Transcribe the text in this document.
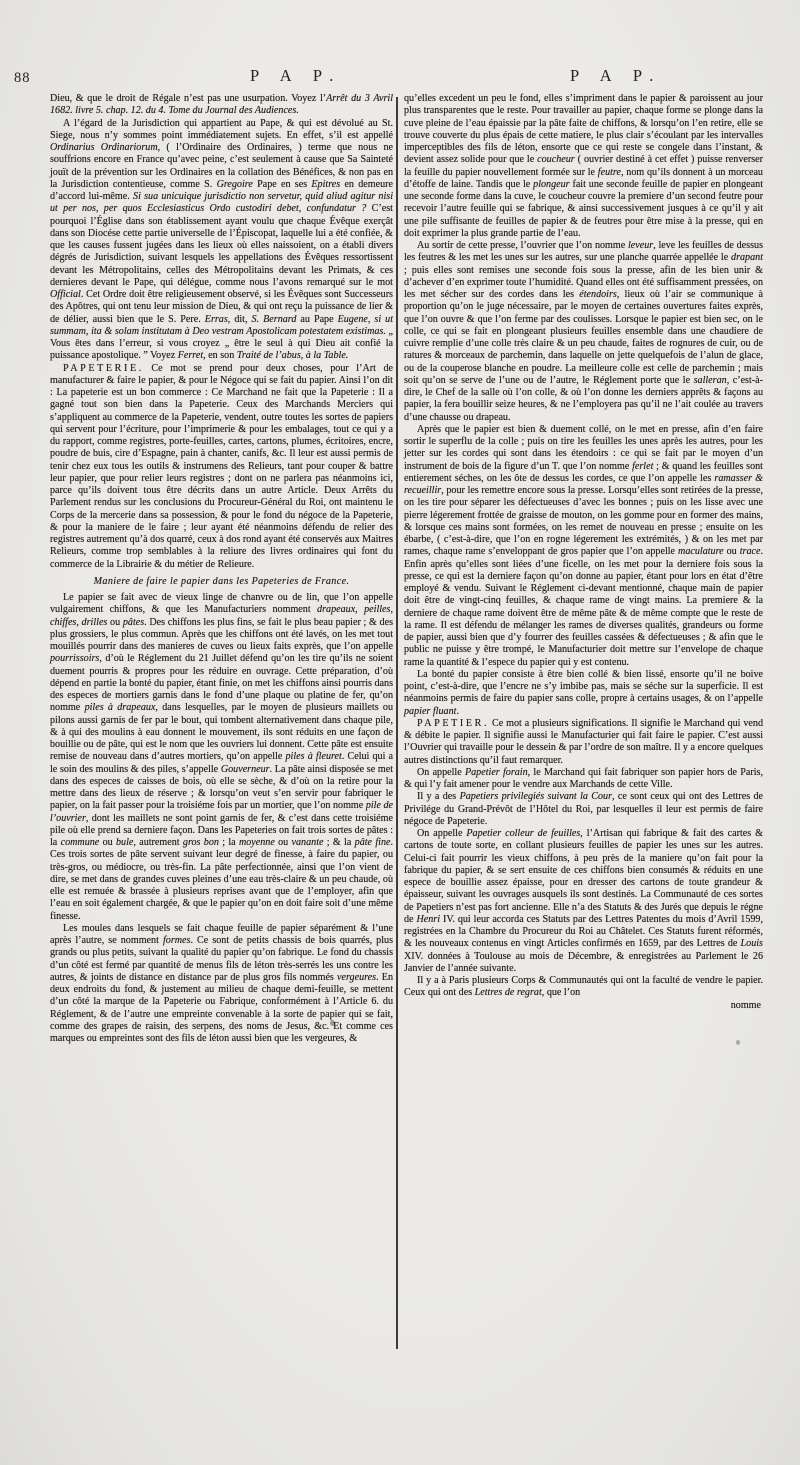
88	P A P.	P A P.

Dieu, & que le droit de Régale n’est pas une usurpation. Voyez l’Arrêt du 3 Avril 1682. livre 5. chap. 12. du 4. Tome du Journal des Audiences.

A l’égard de la Jurisdiction qui appartient au Pape, & qui est dévolué au St. Siege, nous n’y sommes point immédiatement sujets. En effet, s’il est appellé Ordinarius Ordinariorum, ( l’Ordinaire des Ordinaires, ) terme que nous ne souffrions encore en France qu’avec peine, c’est seulement à cause que Sa Sainteté jouït de la prévention sur les Ordinaires en la collation des Bénéfices, & non pas en la Jurisdiction contentieuse, comme S. Gregoire Pape en ses Epitres en demeure d’accord lui-même. Si sua unicuique jurisdictio non servetur, quid aliud agitur nisi ut per nos, per quos Ecclesiasticus Ordo custodiri debet, confundatur ? C’est pourquoi l’Église dans son établissement ayant voulu que chaque Évêque exerçât dans son Diocése cette partie universelle de l’Épiscopat, laquelle lui a été confiée, & que les causes fussent jugées dans les lieux où elles naissoient, on a établi divers dégrés de Jurisdiction, suivant lesquels les appellations des Évêques ressortissent devant les Métropolitains, celles des Métropolitains devant les Primats, & ces dernieres devant le Pape, qui délégue, comme nous l’avons remarqué sur le mot Official. Cet Ordre doit être religieusement observé, si les Évêques sont Successeurs des Apôtres, qui ont tenu leur mission de Dieu, & qui ont reçu la puissance de lier & de délier, aussi bien que le S. Pere. Erras, dit, S. Bernard au Pape Eugene, si ut summam, ita & solam institutam à Deo vestram Apostolicam potestatem existimas. „ Vous êtes dans l’erreur, si vous croyez „ être le seul à qui Dieu ait confié la puissance apostolique. ” Voyez Ferret, en son Traité de l’abus, à la Table.

PAPETERIE. Ce mot se prend pour deux choses, pour l’Art de manufacturer & faire le papier, & pour le Négoce qui se fait du papier. Ainsi l’on dit : La papeterie est un bon commerce : Ce Marchand ne fait que la Papeterie : Il a gagné tout son bien dans la Papeterie. Ceux des Marchands Merciers qui s’appliquent au commerce de la Papeterie, vendent, outre toutes les sortes de papiers qui servent pour l’écriture, pour l’imprimerie & pour les embalages, tout ce qui y a du rapport, comme registres, porte-feuilles, cartes, cartons, plumes, écritoires, encre, poudre de buis, cire d’Espagne, pain à chanter, canifs, &c. Il leur est aussi permis de tenir chez eux tous les outils & instrumens des Relieurs, tant pour couper & battre leur papier, que pour relier leurs registres ; dont on ne parlera pas néanmoins ici, parce qu’ils doivent tous être décrits dans un autre Article. Deux Arrêts du Parlement rendus sur les conclusions du Procureur-Général du Roi, ont maintenu le Corps de la mercerie dans sa possession, & pour le fond du négoce de la Papeterie, & pour la maniere de le faire ; leur ayant été néanmoins défendu de relier des registres autrement qu’à dos quarré, ceux à dos rond ayant été conservés aux Maitres Relieurs, comme trop semblables à la reliure des livres ordinaires qui font du commerce de la Librairie & du métier de Relieure.

Maniere de faire le papier dans les Papeteries de France.

Le papier se fait avec de vieux linge de chanvre ou de lin, que l’on appelle vulgairement chiffons, & que les Manufacturiers nomment drapeaux, peilles, chiffes, drilles ou pâtes. Des chiffons les plus fins, se fait le plus beau papier ; & des plus grossiers, le plus commun. Après que les chiffons ont été lavés, on les met tout mouillés pourrir dans des manieres de cuves ou lieux faits exprès, que l’on appelle pourrissoirs, d’où le Réglement du 21 Juillet défend qu’on les tire qu’ils ne soient duement pourris & propres pour les réduire en ouvrage. Cette préparation, d’où dépend en partie la bonté du papier, étant finie, on met les chiffons ainsi pourris dans des especes de mortiers garnis dans le fond d’une plaque ou platine de fer, qu’on nomme piles à drapeaux, dans lesquelles, par le moyen de plusieurs maillets ou pilons aussi garnis de fer par le bout, qui tombent alternativement dans chaque pile, & à qui des moulins à eau donnent le mouvement, ils sont réduits en une façon de bouillie ou de pâte, qui est le nom que les ouvriers lui donnent. Cette pâte est ensuite remise de nouveau dans d’autres mortiers, qu’on appelle piles à fleuret. Celui qui a le soin des moulins & des piles, s’appelle Gouverneur. La pâte ainsi disposée se met dans des especes de caisses de bois, où elle se sèche, & d’où on la retire pour la mettre dans des lieux de réserve ; & lorsqu’on veut s’en servir pour fabriquer le papier, on la fait passer pour la troisiéme fois par un mortier, que l’on nomme pile de l’ouvrier, dont les maillets ne sont point garnis de fer, & c’est dans cette troisiéme pile où elle prend sa derniere façon. Dans les Papeteries on fait trois sortes de pâtes : la commune ou bule, autrement gros bon ; la moyenne ou vanante ; & la pâte fine. Ces trois sortes de pâte servent suivant leur degré de finesse, à faire du papier, ou très-gros, ou médiocre, ou très-fin. La pâte perfectionnée, ainsi que l’on vient de dire, se met dans de grandes cuves pleines d’une eau très-claire & un peu chaude, où elle est remuée & brassée à plusieurs reprises avant que de l’employer, afin que l’eau en soit également chargée, & que le papier qu’on en doit faire soit d’une même finesse.

Les moules dans lesquels se fait chaque feuille de papier séparément & l’une après l’autre, se nomment formes. Ce sont de petits chassis de bois quarrés, plus grands ou plus petits, suivant la qualité du papier qu’on fabrique. Le fond du chassis d’un côté est fermé par quantité de menus fils de léton très-serrés les uns contre les autres, & joints de distance en distance par de plus gros fils nommés vergeures. En deux endroits du fond, & justement au milieu de chaque demi-feuille, se mettent d’un côté la marque de la Papeterie ou Fabrique, conformément à l’Article 6. du Réglement, & de l’autre une empreinte convenable à la sorte de papier qui se fait, comme des grapes de raisin, des serpens, des noms de Jesus, &c. Et comme ces marques ou empreintes sont des fils de léton aussi bien que les vergeures, &

qu’elles excedent un peu le fond, elles s’impriment dans le papier & paroissent au jour plus transparentes que le reste. Pour travailler au papier, chaque forme se plonge dans la cuve pleine de l’eau épaissie par la pâte faite de chiffons, & lorsqu’on l’en retire, elle se trouve couverte du plus épais de cette matiere, le plus clair s’écoulant par les intervalles imperceptibles des fils de léton, ensorte que ce qui reste se congele dans l’instant, & devient assez solide pour que le coucheur ( ouvrier destiné à cet effet ) puisse renverser la feuille du papier nouvellement formée sur le feutre, nom qu’ils donnent à un morceau d’étoffe de laine. Tandis que le plongeur fait une seconde feuille de papier en plongeant une seconde forme dans la cuve, le coucheur couvre la premiere d’un second feutre pour recevoir l’autre feuille qui se fabrique, & ainsi successivement jusques à ce qu’il y ait une pile suffisante de feuilles de papier & de feutres pour être mise à la presse, qui en doit exprimer la plus grande partie de l’eau.

Au sortir de cette presse, l’ouvrier que l’on nomme leveur, leve les feuilles de dessus les feutres & les met les unes sur les autres, sur une planche quarrée appellée le drapant ; puis elles sont remises une seconde fois sous la presse, afin de les bien unir & d’achever d’en exprimer toute l’humidité. Quand elles ont été suffisamment pressées, on les met sécher sur des cordes dans les étendoirs, lieux où l’air se communique à proportion qu’on le juge nécessaire, par le moyen de certaines ouvertures faites exprès, que l’on ouvre & que l’on ferme par des coulisses. Lorsque le papier est bien sec, on le colle, ce qui se fait en plongeant plusieurs feuilles ensemble dans une chaudiere de cuivre remplie d’une colle très claire & un peu chaude, faites de rognures de cuir, ou de ratures & morceaux de parchemin, dans laquelle on jette quelquefois de l’alun de glace, ou de la couperose blanche en poudre. La meilleure colle est celle de parchemin ; mais soit qu’on se serve de l’une ou de l’autre, le Réglement porte que le salleran, c’est-à-dire, le Chef de la salle où l’on colle, & où l’on donne les derniers apprêts & façons au papier, la fera bouillir seize heures, & ne l’employera pas qu’il ne l’ait coulée au travers d’une chausse ou drapeau.

Après que le papier est bien & duement collé, on le met en presse, afin d’en faire sortir le superflu de la colle ; puis on tire les feuilles les unes après les autres, pour les jetter sur les cordes qui sont dans les étendoirs : ce qui se fait par le moyen d’un instrument de bois de la figure d’un T. que l’on nomme ferlet ; & quand les feuilles sont entierement séches, on les ôte de dessus les cordes, ce que l’on appelle les ramasser & recueillir, pour les remettre encore sous la presse. Lorsqu’elles sont retirées de la presse, on les tire pour séparer les défectueuses d’avec les bonnes ; puis on les lisse avec une pierre légerement frottée de graisse de mouton, on les gomme pour en former des mains, & lorsque ces mains sont formées, on les remet de nouveau en presse ; ensuite on les ébarbe, ( c’est-à-dire, que l’on en rogne légerement les extrémités, ) & on les met par rames, chaque rame s’enveloppant de gros papier que l’on appelle maculature ou trace. Enfin après qu’elles sont liées d’une ficelle, on les met pour la derniere fois sous la presse, ce qui est la derniere façon qu’on donne au papier, étant pour lors en état d’être employé & vendu. Suivant le Réglement ci-devant mentionné, chaque main de papier doit être de vingt-cinq feuilles, & chaque rame de vingt mains. La premiere & la derniere de chaque rame doivent être de même pâte & de même compte que le reste de la rame. Il est défendu de mélanger les rames de diverses qualités, grandeurs ou forme de papier, aussi bien que d’y fourrer des feuilles cassées & défectueuses ; & afin que le public ne puisse y être trompé, le Manufacturier doit mettre sur l’envelope de chaque rame la quantité & l’espece du papier qui y est contenu.

La bonté du papier consiste à être bien collé & bien lissé, ensorte qu’il ne boive point, c’est-à-dire, que l’encre ne s’y imbibe pas, mais se séche sur la superficie. Il est néanmoins permis de faire du papier sans colle, propre à certains usages, & on l’appelle papier fluant.

PAPETIER. Ce mot a plusieurs significations. Il signifie le Marchand qui vend & débite le papier. Il signifie aussi le Manufacturier qui fait faire le papier. C’est aussi l’Ouvrier qui travaille pour le dessein & par l’ordre de son maître. Il y a encore quelques autres distinctions qu’il faut remarquer.

On appelle Papetier forain, le Marchand qui fait fabriquer son papier hors de Paris, & qui l’y fait amener pour le vendre aux Marchands de cette Ville.

Il y a des Papetiers privilegiés suivant la Cour, ce sont ceux qui ont des Lettres de Privilége du Grand-Prévôt de l’Hôtel du Roi, par lesquelles il leur est permis de faire négoce de Papeterie.

On appelle Papetier colleur de feuilles, l’Artisan qui fabrique & fait des cartes & cartons de toute sorte, en collant plusieurs feuilles de papier les unes sur les autres. Celui-ci fait pourrir les vieux chiffons, à peu près de la maniere qu’on fait pour la fabrique du papier, & se sert ensuite de ces chiffons bien consumés & réduits en une espece de bouillie assez épaisse, pour en dresser des cartons de toute grandeur & épaisseur, suivant les ouvrages ausquels ils sont destinés. La Communauté de ces sortes de Papetiers n’est pas fort ancienne. Elle n’a des Statuts & des Jurés que depuis le régne de Henri IV. qui leur accorda ces Statuts par des Lettres Patentes du mois d’Avril 1599, registrées en la Chambre du Procureur du Roi au Châtelet. Ces Statuts furent réformés, & les nouveaux contenus en vingt Articles confirmés en 1659, par des Lettres de Louis XIV. données à Toulouse au mois de Décembre, & enregistrées au Parlement le 26 Janvier de l’année suivante.

Il y a à Paris plusieurs Corps & Communautés qui ont la faculté de vendre le papier. Ceux qui ont des Lettres de regrat, que l’on

nomme
